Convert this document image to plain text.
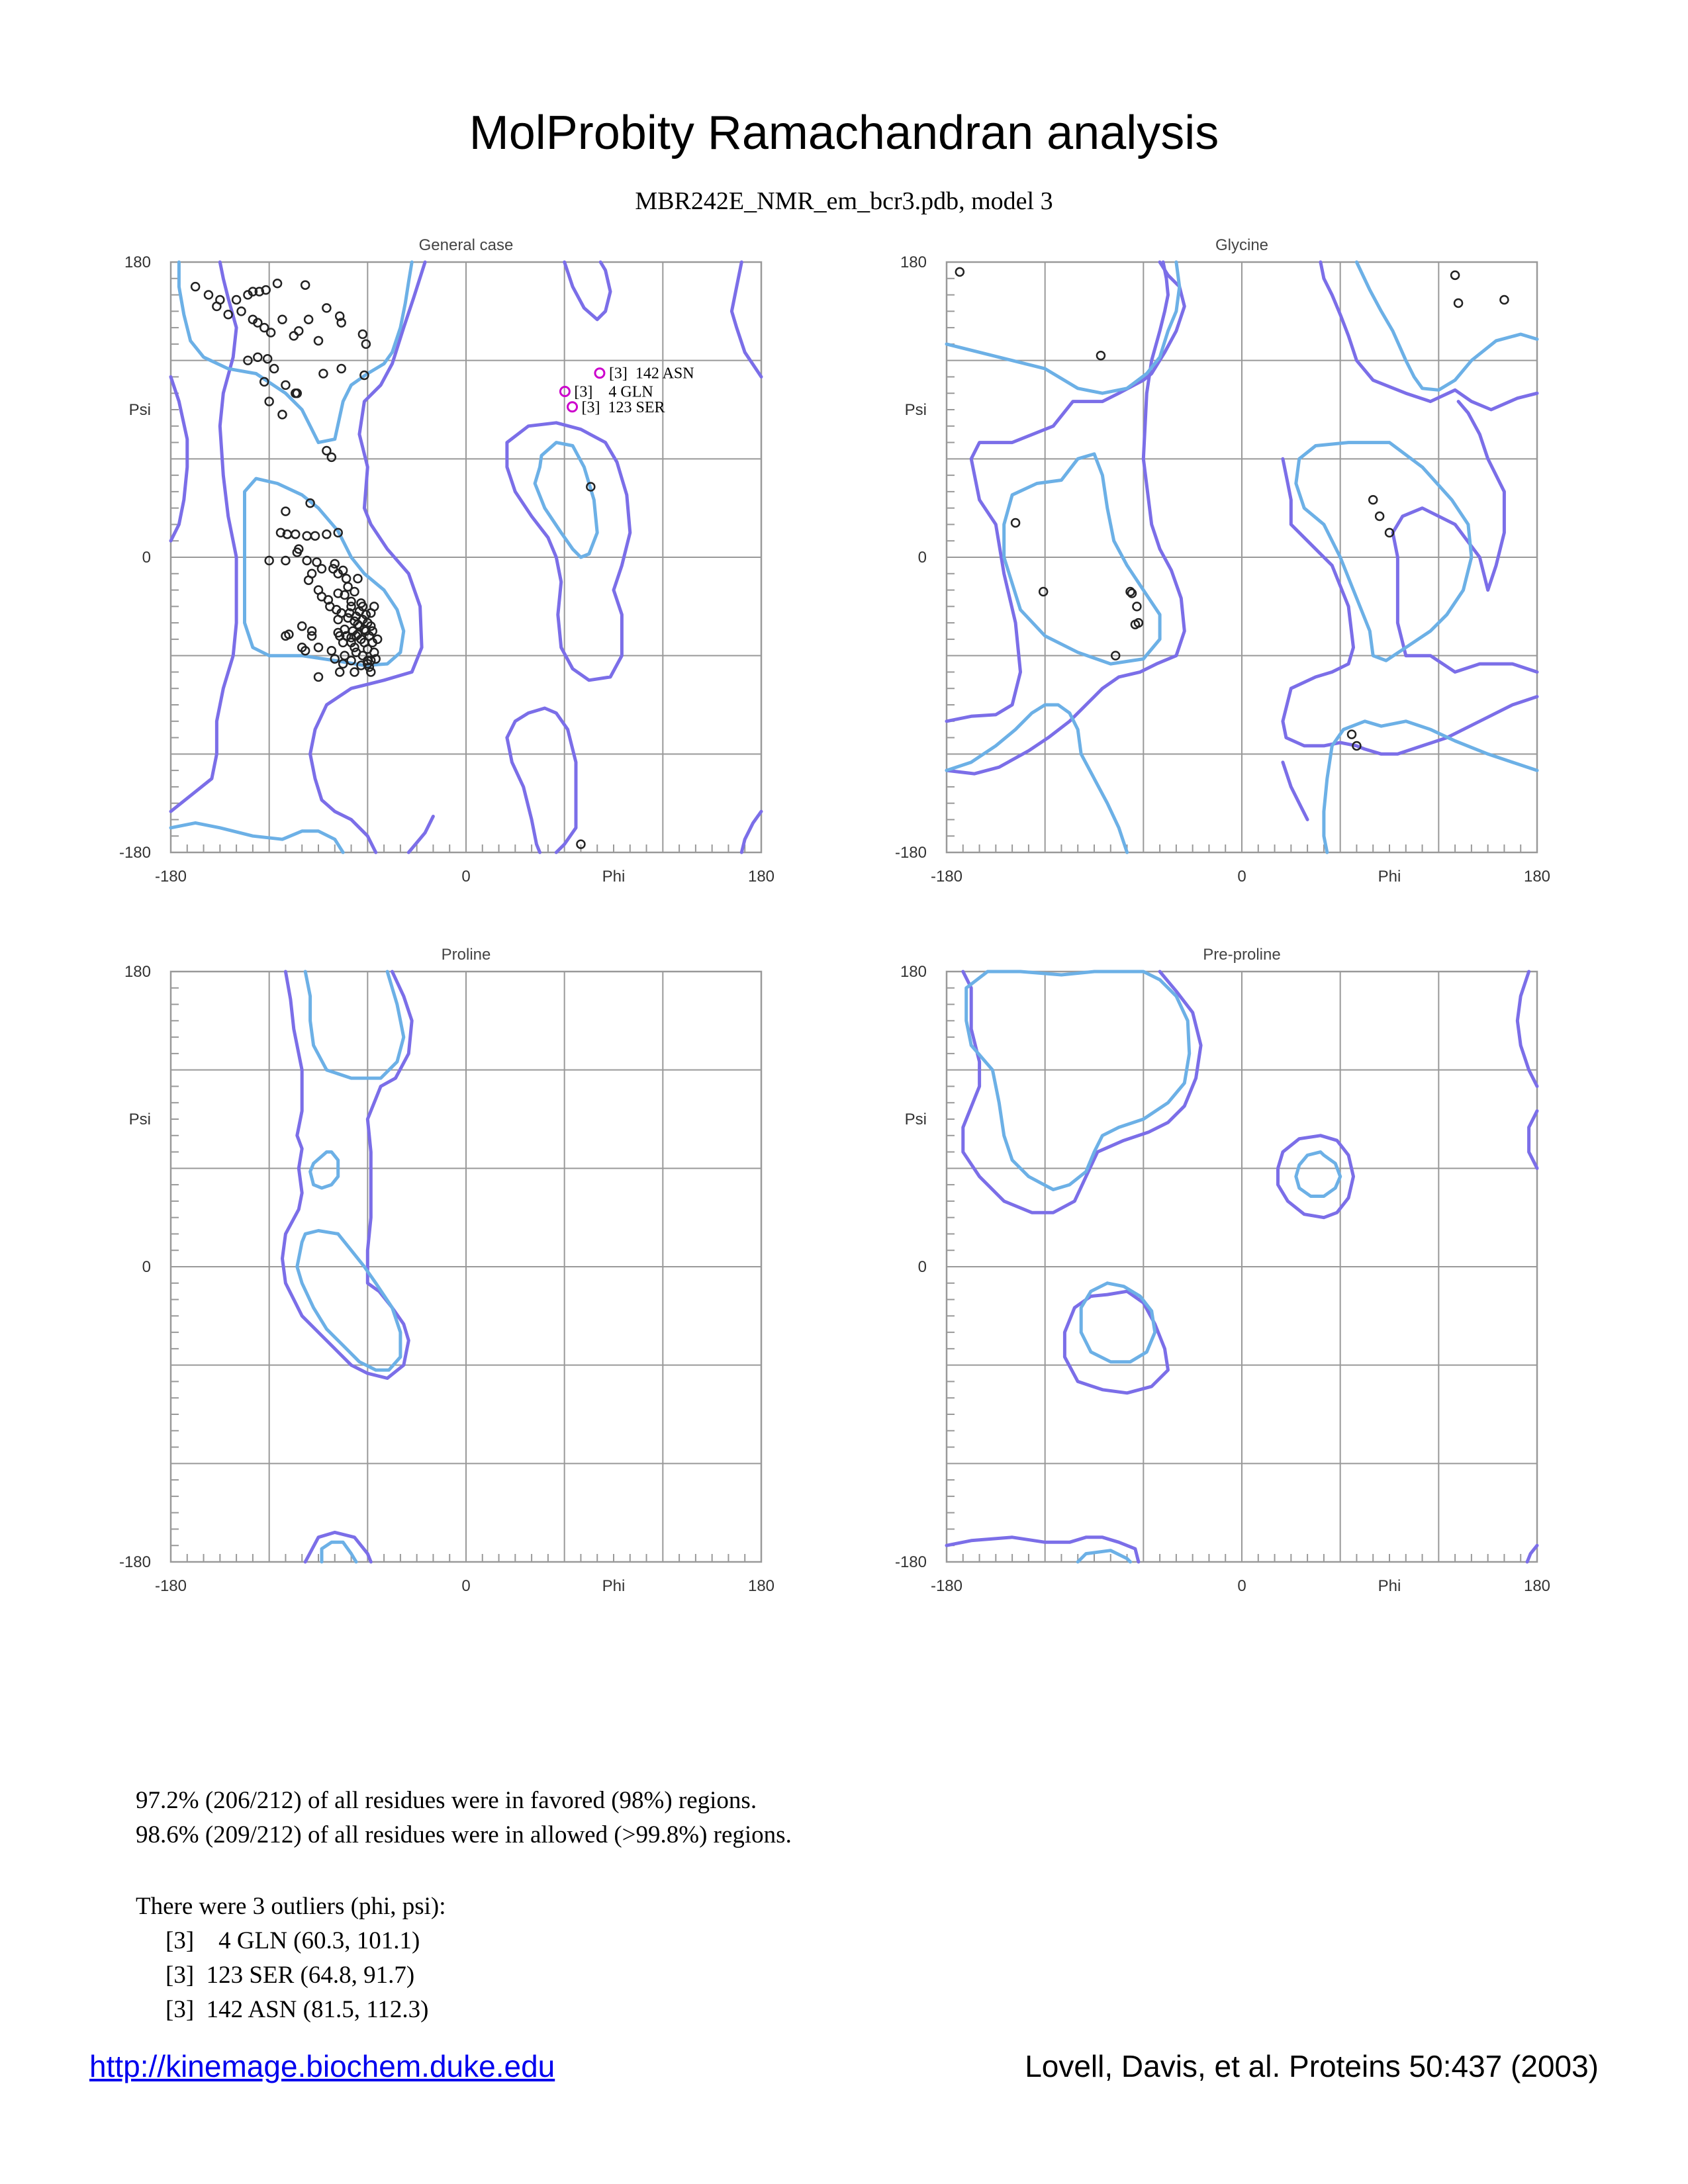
MolProbity Ramachandran analysis
MBR242E_NMR_em_bcr3.pdb, model 3
[3]  142 ASN
[3]    4 GLN
[3]  123 SER
General case
180
0
-180
Psi
-180	0	180
Phi
Glycine
180
0
-180
Psi
-180	0	180
Phi
Proline
180
0
-180
Psi
-180	0	180
Phi
Pre-proline
180
0
-180
Psi
-180	0	180
Phi
97.2% (206/212) of all residues were in favored (98%) regions.
98.6% (209/212) of all residues were in allowed (>99.8%) regions.
There were 3 outliers (phi, psi):
[3]    4 GLN (60.3, 101.1)
[3]  123 SER (64.8, 91.7)
[3]  142 ASN (81.5, 112.3)
http://kinemage.biochem.duke.edu	Lovell, Davis, et al. Proteins 50:437 (2003)
